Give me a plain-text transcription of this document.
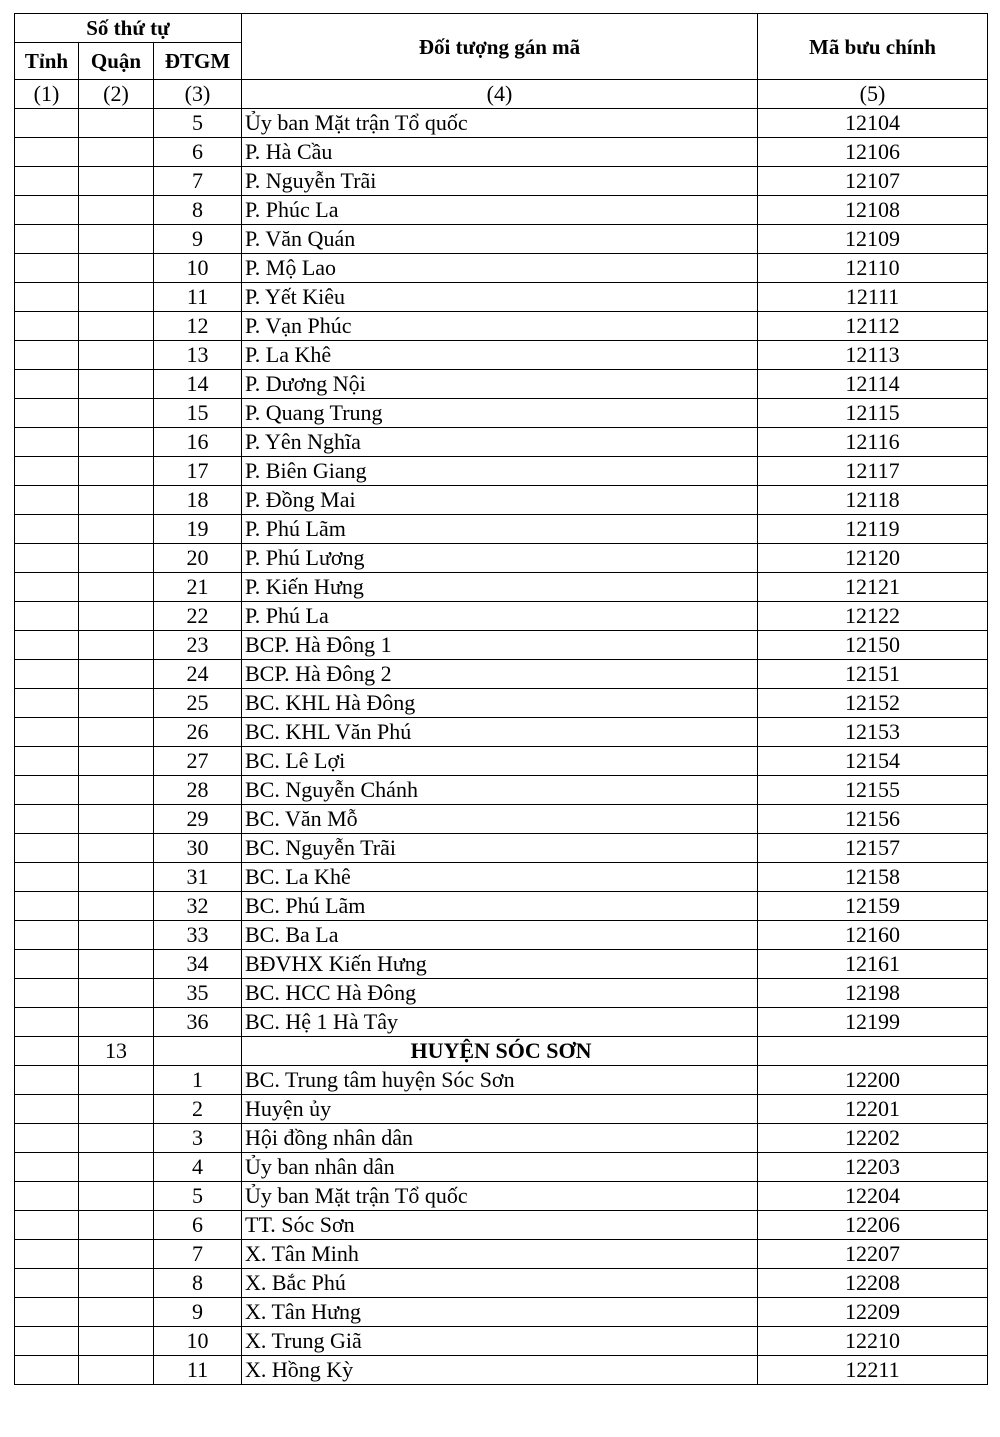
Số thứ tự			Đối tượng gán mã	Mã bưu chính
Tỉnh	Quận	ĐTGM		
(1)	(2)	(3)	(4)	(5)
		5	Ủy ban Mặt trận Tổ quốc	12104
		6	P. Hà Cầu	12106
		7	P. Nguyễn Trãi	12107
		8	P. Phúc La	12108
		9	P. Văn Quán	12109
		10	P. Mộ Lao	12110
		11	P. Yết Kiêu	12111
		12	P. Vạn Phúc	12112
		13	P. La Khê	12113
		14	P. Dương Nội	12114
		15	P. Quang Trung	12115
		16	P. Yên Nghĩa	12116
		17	P. Biên Giang	12117
		18	P. Đồng Mai	12118
		19	P. Phú Lãm	12119
		20	P. Phú Lương	12120
		21	P. Kiến Hưng	12121
		22	P. Phú La	12122
		23	BCP. Hà Đông 1	12150
		24	BCP. Hà Đông 2	12151
		25	BC. KHL Hà Đông	12152
		26	BC. KHL Văn Phú	12153
		27	BC. Lê Lợi	12154
		28	BC. Nguyễn Chánh	12155
		29	BC. Văn Mỗ	12156
		30	BC. Nguyễn Trãi	12157
		31	BC. La Khê	12158
		32	BC. Phú Lãm	12159
		33	BC. Ba La	12160
		34	BĐVHX Kiến Hưng	12161
		35	BC. HCC Hà Đông	12198
		36	BC. Hệ 1 Hà Tây	12199
	13		HUYỆN SÓC SƠN	
		1	BC. Trung tâm huyện Sóc Sơn	12200
		2	Huyện ủy	12201
		3	Hội đồng nhân dân	12202
		4	Ủy ban nhân dân	12203
		5	Ủy ban Mặt trận Tổ quốc	12204
		6	TT. Sóc Sơn	12206
		7	X. Tân Minh	12207
		8	X. Bắc Phú	12208
		9	X. Tân Hưng	12209
		10	X. Trung Giã	12210
		11	X. Hồng Kỳ	12211
